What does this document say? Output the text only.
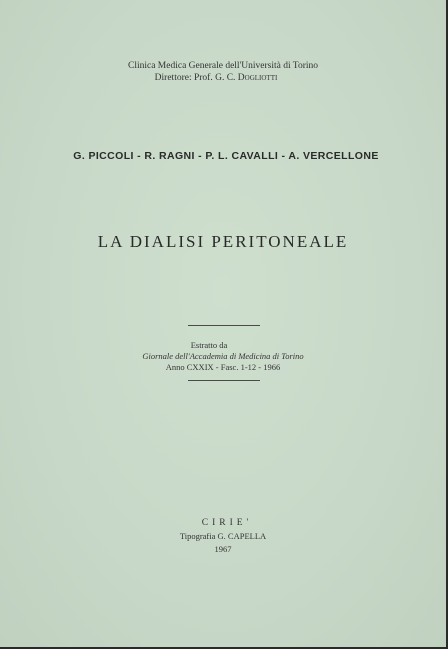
Clinica Medica Generale dell'Università di Torino
Direttore: Prof. G. C. Dogliotti
G. PICCOLI - R. RAGNI - P. L. CAVALLI - A. VERCELLONE
LA DIALISI PERITONEALE
Estratto da
Giornale dell'Accademia di Medicina di Torino
Anno CXXIX - Fasc. 1-12 - 1966
CIRIE'
Tipografia G. CAPELLA
1967
